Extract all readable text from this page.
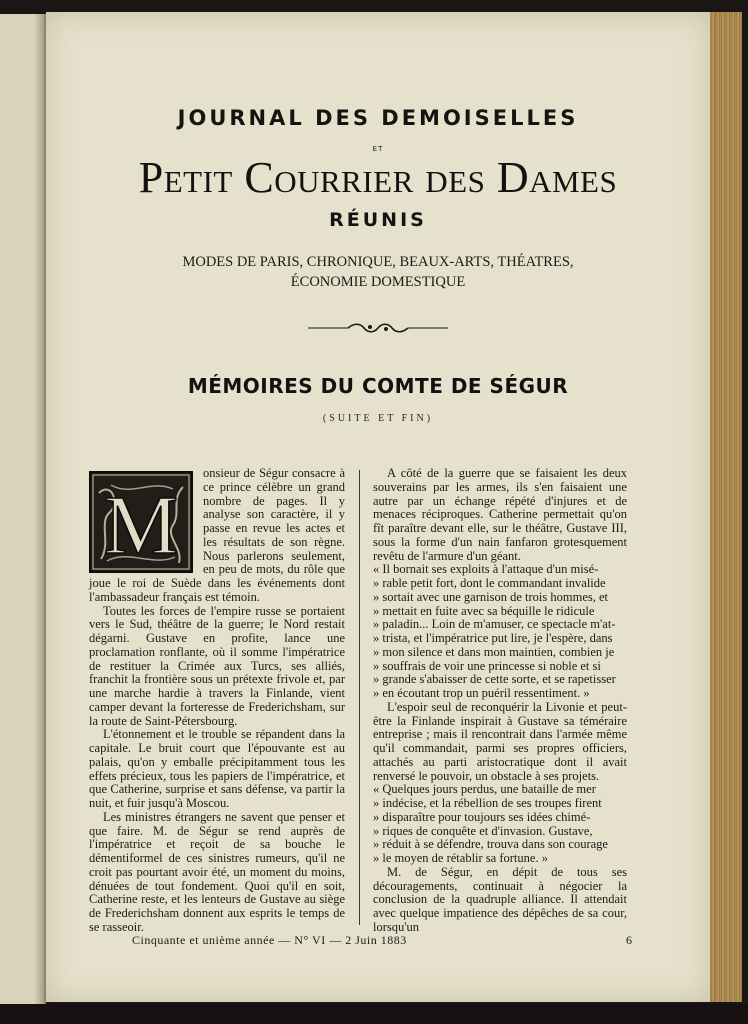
JOURNAL DES DEMOISELLES
ET
Petit Courrier des Dames
RÉUNIS
MODES DE PARIS, CHRONIQUE, BEAUX-ARTS, THÉATRES,
ÉCONOMIE DOMESTIQUE
MÉMOIRES DU COMTE DE SÉGUR
(SUITE ET FIN)
M

onsieur de Ségur consacre à ce prince célèbre un grand nombre de pages. Il y analyse son caractère, il y passe en revue les actes et les résultats de son règne. Nous parlerons seulement, en peu de mots, du rôle que joue le roi de Suède dans les événements dont l'ambassadeur français est témoin.

Toutes les forces de l'empire russe se portaient vers le Sud, théâtre de la guerre; le Nord restait dégarni. Gustave en profite, lance une proclamation ronflante, où il somme l'impératrice de restituer la Crimée aux Turcs, ses alliés, franchit la frontière sous un prétexte frivole et, par une marche hardie à travers la Finlande, vient camper devant la forteresse de Frederichsham, sur la route de Saint-Pétersbourg.

L'étonnement et le trouble se répandent dans la capitale. Le bruit court que l'épouvante est au palais, qu'on y emballe précipitamment tous les effets précieux, tous les papiers de l'impératrice, et que Catherine, surprise et sans défense, va partir la nuit, et fuir jusqu'à Moscou.

Les ministres étrangers ne savent que penser et que faire. M. de Ségur se rend auprès de l'impératrice et reçoit de sa bouche le démentiformel de ces sinistres rumeurs, qu'il ne croit pas pourtant avoir été, un moment du moins, dénuées de tout fondement. Quoi qu'il en soit, Catherine reste, et les lenteurs de Gustave au siège de Frederichsham donnent aux esprits le temps de se rasseoir.

A côté de la guerre que se faisaient les deux souverains par les armes, ils s'en faisaient une autre par un échange répété d'injures et de menaces réciproques. Catherine permettait qu'on fît paraître devant elle, sur le théâtre, Gustave III, sous la forme d'un nain fanfaron grotesquement revêtu de l'armure d'un géant.

« Il bornait ses exploits à l'attaque d'un misé-
» rable petit fort, dont le commandant invalide
» sortait avec une garnison de trois hommes, et
» mettait en fuite avec sa béquille le ridicule
» paladin... Loin de m'amuser, ce spectacle m'at-
» trista, et l'impératrice put lire, je l'espère, dans
» mon silence et dans mon maintien, combien je
» souffrais de voir une princesse si noble et si
» grande s'abaisser de cette sorte, et se rapetisser
» en écoutant trop un puéril ressentiment. »

L'espoir seul de reconquérir la Livonie et peut-être la Finlande inspirait à Gustave sa téméraire entreprise ; mais il rencontrait dans l'armée même qu'il commandait, parmi ses propres officiers, attachés au parti aristocratique dont il avait renversé le pouvoir, un obstacle à ses projets.

« Quelques jours perdus, une bataille de mer
» indécise, et la rébellion de ses troupes firent
» disparaître pour toujours ses idées chimé-
» riques de conquête et d'invasion. Gustave,
» réduit à se défendre, trouva dans son courage
» le moyen de rétablir sa fortune. »

M. de Ségur, en dépit de tous ses découragements, continuait à négocier la conclusion de la quadruple alliance. Il attendait avec quelque impatience des dépêches de sa cour, lorsqu'un

Cinquante et unième année — N° VI — 2 Juin 1883	6
